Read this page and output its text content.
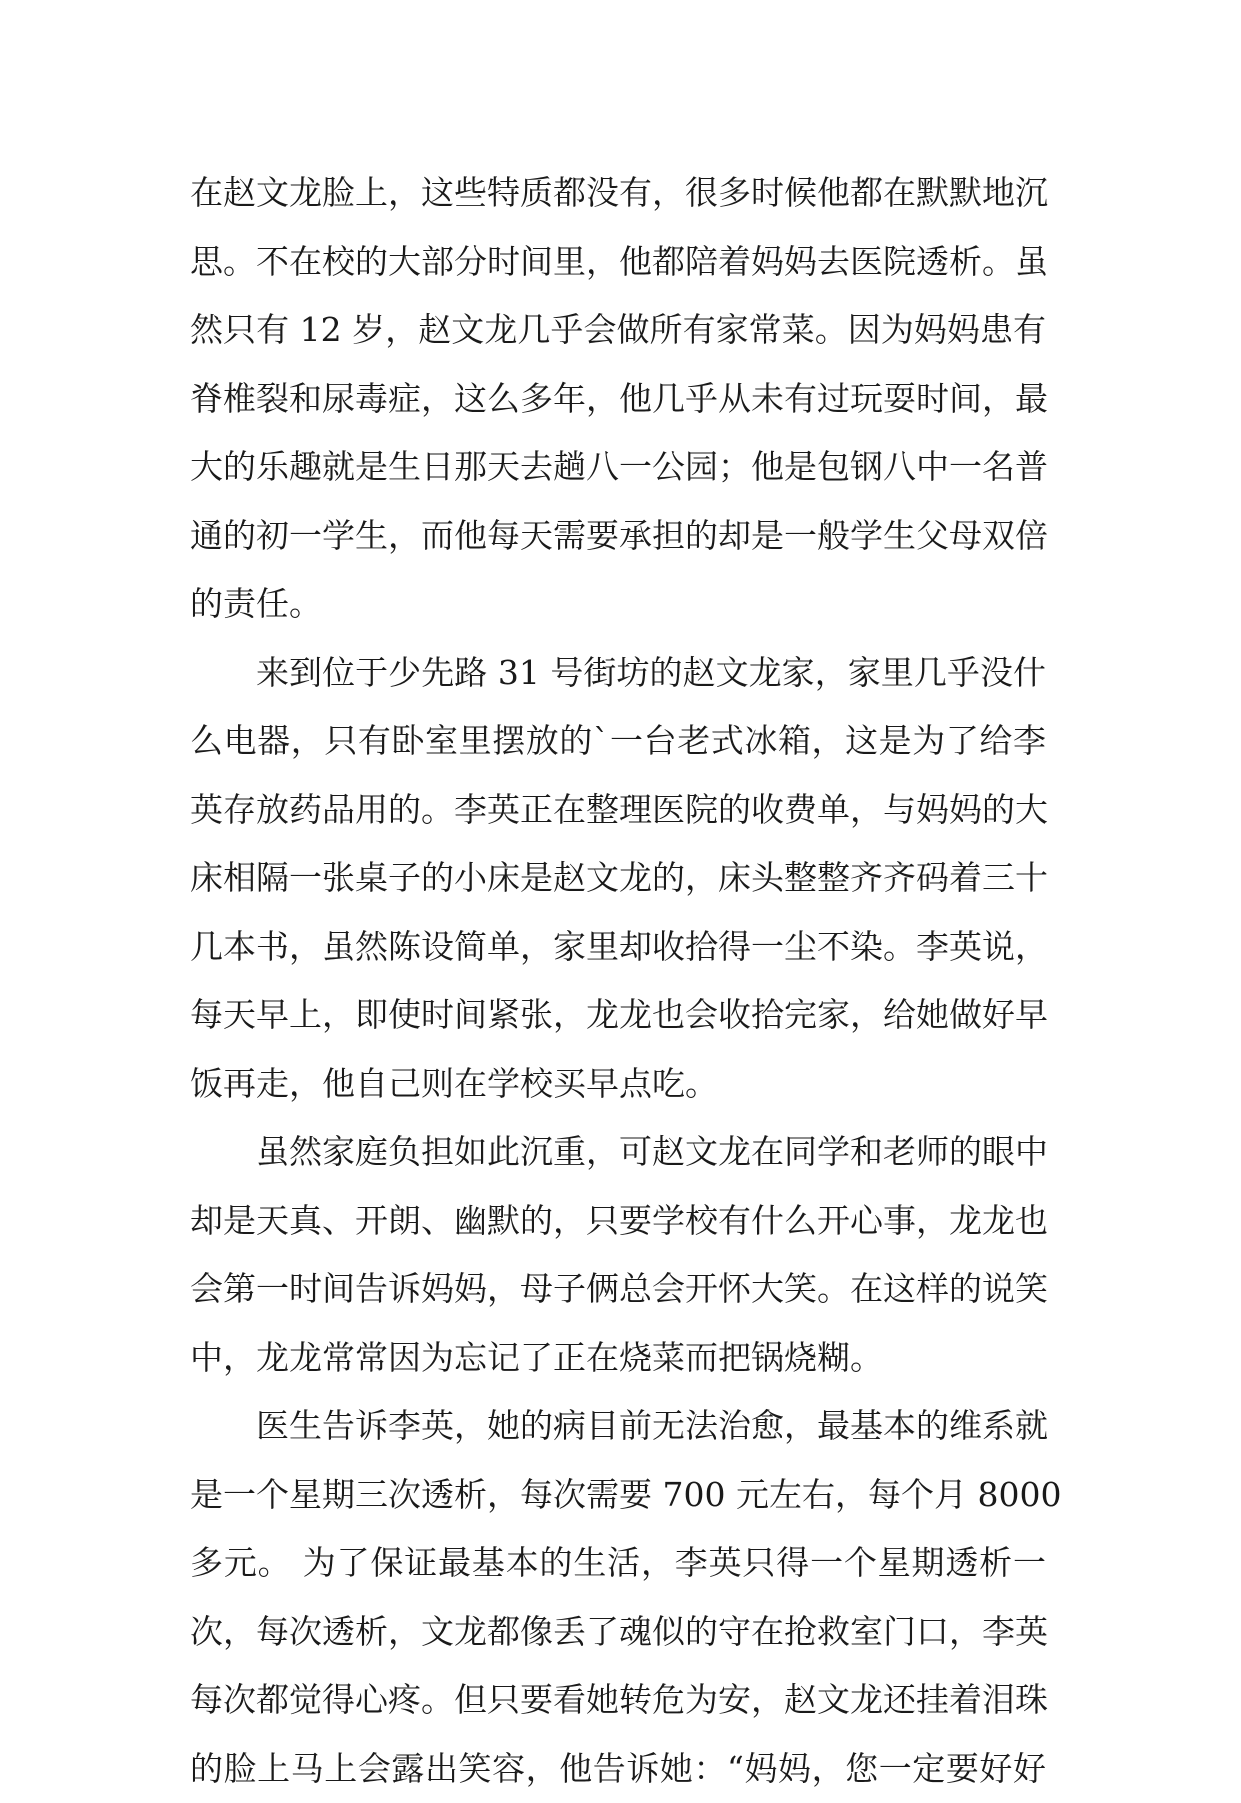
在赵文龙脸上，这些特质都没有，很多时候他都在默默地沉
思。不在校的大部分时间里，他都陪着妈妈去医院透析。虽
然只有 12 岁，赵文龙几乎会做所有家常菜。因为妈妈患有
脊椎裂和尿毒症，这么多年，他几乎从未有过玩耍时间，最
大的乐趣就是生日那天去趟八一公园；他是包钢八中一名普
通的初一学生，而他每天需要承担的却是一般学生父母双倍
的责任。
来到位于少先路 31 号街坊的赵文龙家，家里几乎没什
么电器，只有卧室里摆放的`一台老式冰箱，这是为了给李
英存放药品用的。李英正在整理医院的收费单，与妈妈的大
床相隔一张桌子的小床是赵文龙的，床头整整齐齐码着三十
几本书，虽然陈设简单，家里却收拾得一尘不染。李英说，
每天早上，即使时间紧张，龙龙也会收拾完家，给她做好早
饭再走，他自己则在学校买早点吃。
虽然家庭负担如此沉重，可赵文龙在同学和老师的眼中
却是天真、开朗、幽默的，只要学校有什么开心事，龙龙也
会第一时间告诉妈妈，母子俩总会开怀大笑。在这样的说笑
中，龙龙常常因为忘记了正在烧菜而把锅烧糊。
医生告诉李英，她的病目前无法治愈，最基本的维系就
是一个星期三次透析，每次需要 700 元左右，每个月 8000
多元。 为了保证最基本的生活，李英只得一个星期透析一
次，每次透析，文龙都像丢了魂似的守在抢救室门口，李英
每次都觉得心疼。但只要看她转危为安，赵文龙还挂着泪珠
的脸上马上会露出笑容，他告诉她：“妈妈，您一定要好好
